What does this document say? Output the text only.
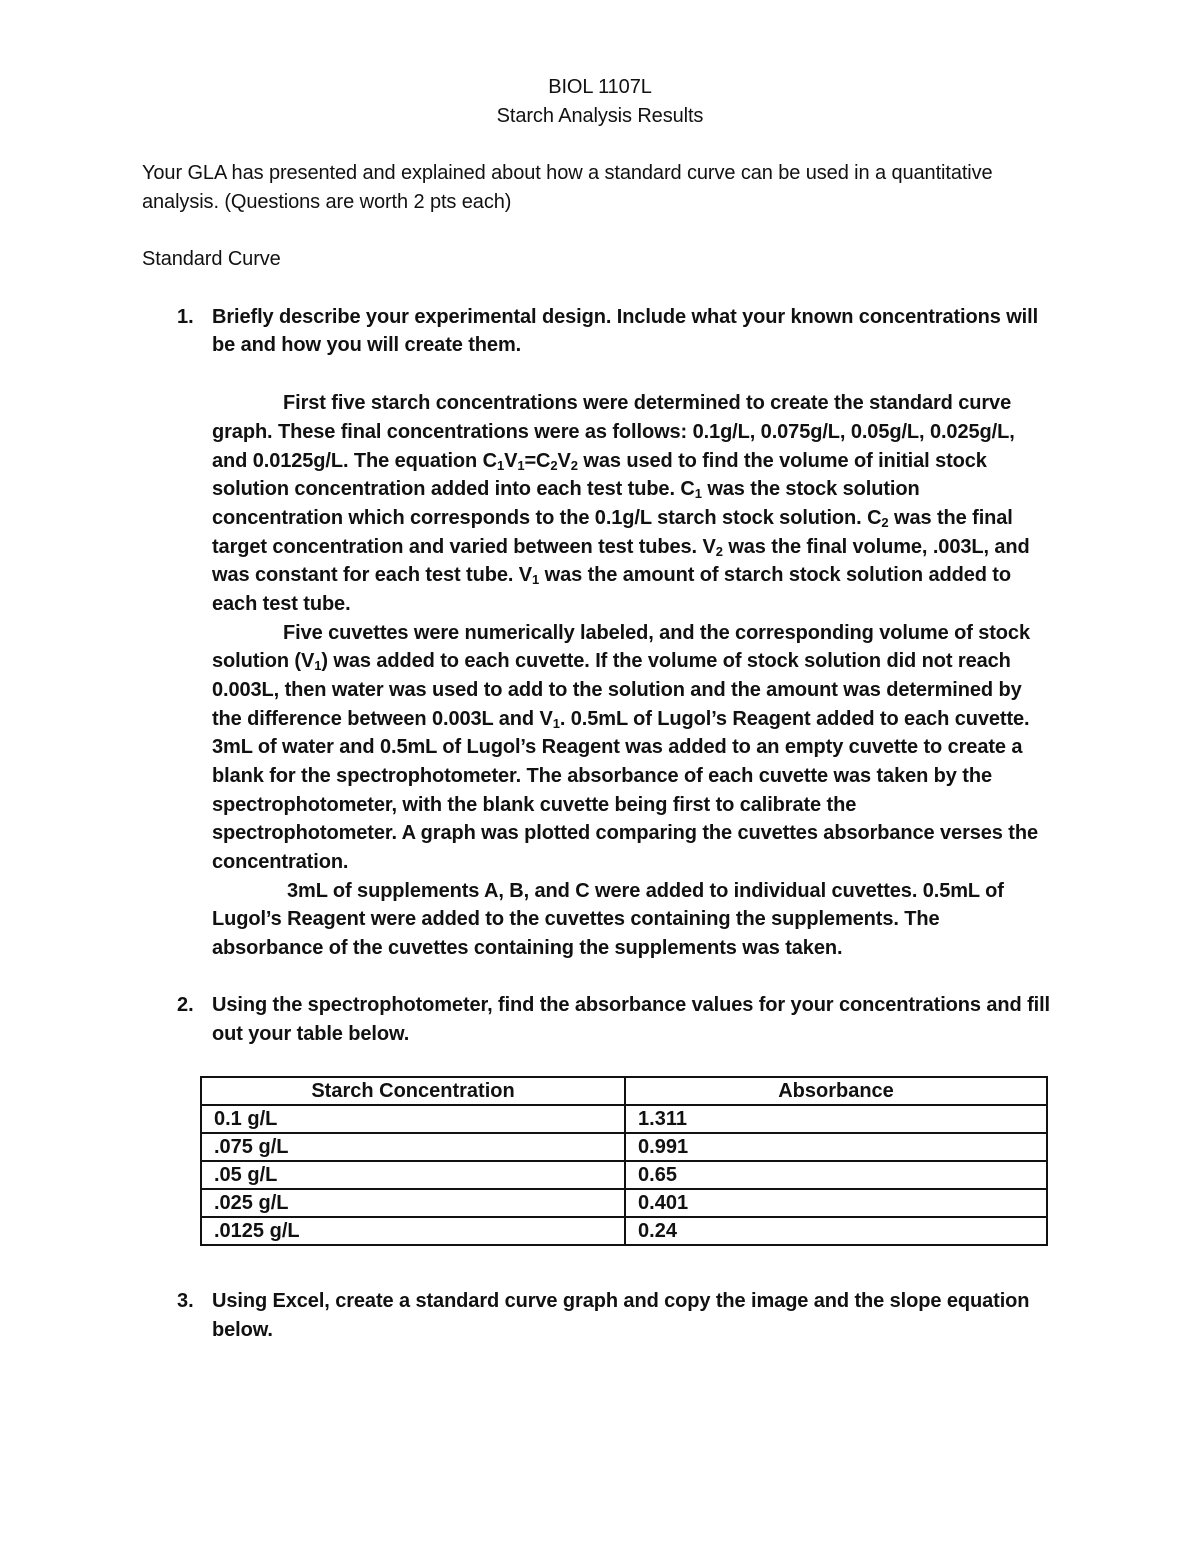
BIOL 1107L
Starch Analysis Results
Your GLA has presented and explained about how a standard curve can be used in a quantitative
analysis. (Questions are worth 2 pts each)
Standard Curve
1. Briefly describe your experimental design. Include what your known concentrations will
be and how you will create them.
First five starch concentrations were determined to create the standard curve
graph. These final concentrations were as follows: 0.1g/L, 0.075g/L, 0.05g/L, 0.025g/L,
and 0.0125g/L. The equation $C_1V_1=C_2V_2$ was used to find the volume of initial stock
solution concentration added into each test tube. $C_1$ was the stock solution
concentration which corresponds to the 0.1g/L starch stock solution. $C_2$ was the final
target concentration and varied between test tubes. $V_2$ was the final volume, .003L, and
was constant for each test tube. $V_1$ was the amount of starch stock solution added to
each test tube.
Five cuvettes were numerically labeled, and the corresponding volume of stock
solution $(V_1)$ was added to each cuvette. If the volume of stock solution did not reach
0.003L, then water was used to add to the solution and the amount was determined by
the difference between 0.003L and $V_1$. 0.5mL of Lugol’s Reagent added to each cuvette.
3mL of water and 0.5mL of Lugol’s Reagent was added to an empty cuvette to create a
blank for the spectrophotometer. The absorbance of each cuvette was taken by the
spectrophotometer, with the blank cuvette being first to calibrate the
spectrophotometer. A graph was plotted comparing the cuvettes absorbance verses the
concentration.
3mL of supplements A, B, and C were added to individual cuvettes. 0.5mL of
Lugol’s Reagent were added to the cuvettes containing the supplements. The
absorbance of the cuvettes containing the supplements was taken.
2. Using the spectrophotometer, find the absorbance values for your concentrations and fill
out your table below.
Starch Concentration	Absorbance
0.1 g/L	1.311
.075 g/L	0.991
.05 g/L	0.65
.025 g/L	0.401
.0125 g/L	0.24
3. Using Excel, create a standard curve graph and copy the image and the slope equation
below.
